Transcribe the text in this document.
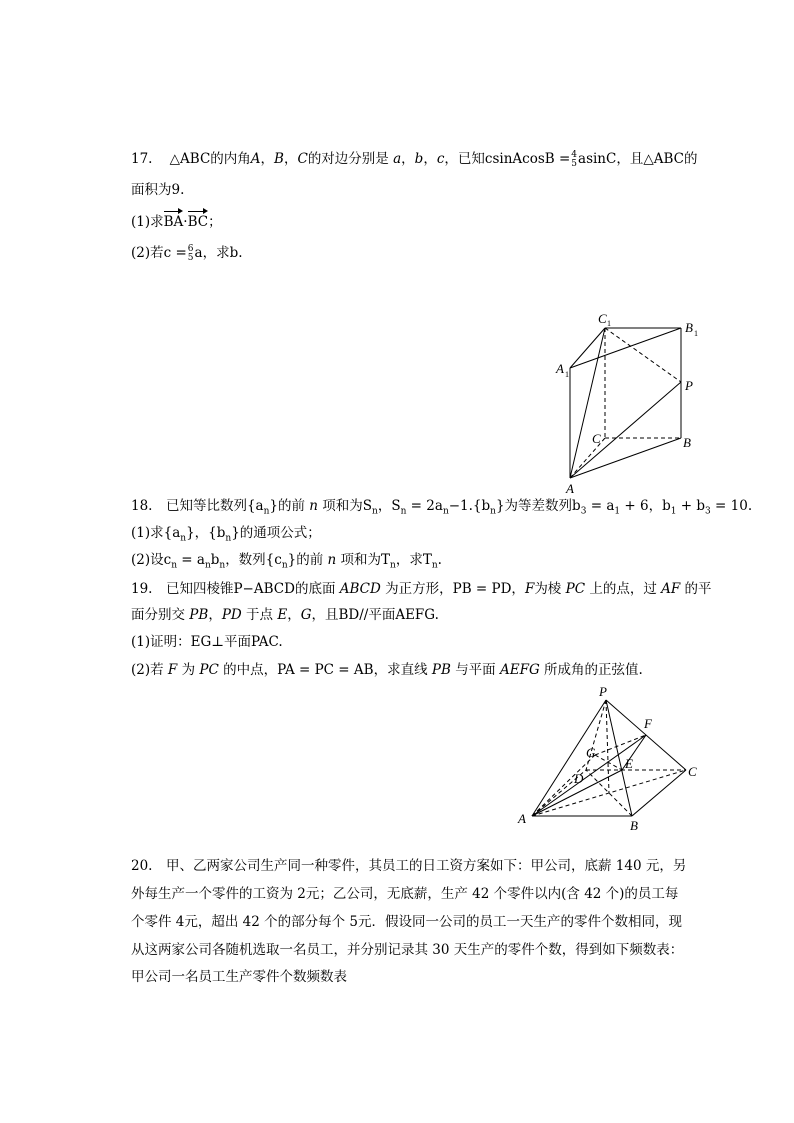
17. △ABC的内角A，B，C的对边分别是 a，b，c，已知csinAcosB = 4
5 asinC，且△ABC的
面积为9.
(1)求BA·BC；
(2)若c = 6
5 a，求b.
C 1	B 1
A 1
P
C	B
A
18.　已知等比数列$\{a_n\}$的前 n 项和为$S_n$，$S_n = 2a_n-1.\{b_n\}$为等差数列$b_3 = a_1 + 6$，$b_1 + b_3 = 10$.
(1)求$\{a_n\}$，$\{b_n\}$的通项公式；
(2)设$c_n = a_nb_n$，数列$\{c_n\}$的前 n 项和为$T_n$，求$T_n$.
19.　已知四棱锥P−ABCD的底面 ABCD 为正方形，PB = PD，F为棱 PC 上的点，过 AF 的平
面分别交 PB，PD 于点 E，G，且BD//平面AEFG.
(1)证明：EG⊥平面PAC.
(2)若 F 为 PC 的中点，PA = PC = AB，求直线 PB 与平面 AEFG 所成角的正弦值.
P
F
G
E
D	C
A	B
20.　甲、乙两家公司生产同一种零件，其员工的日工资方案如下：甲公司，底薪 140 元，另
外每生产一个零件的工资为 2元；乙公司，无底薪，生产 42 个零件以内(含 42 个)的员工每
个零件 4元，超出 42 个的部分每个 5元．假设同一公司的员工一天生产的零件个数相同，现
从这两家公司各随机选取一名员工，并分别记录其 30 天生产的零件个数，得到如下频数表：
甲公司一名员工生产零件个数频数表
